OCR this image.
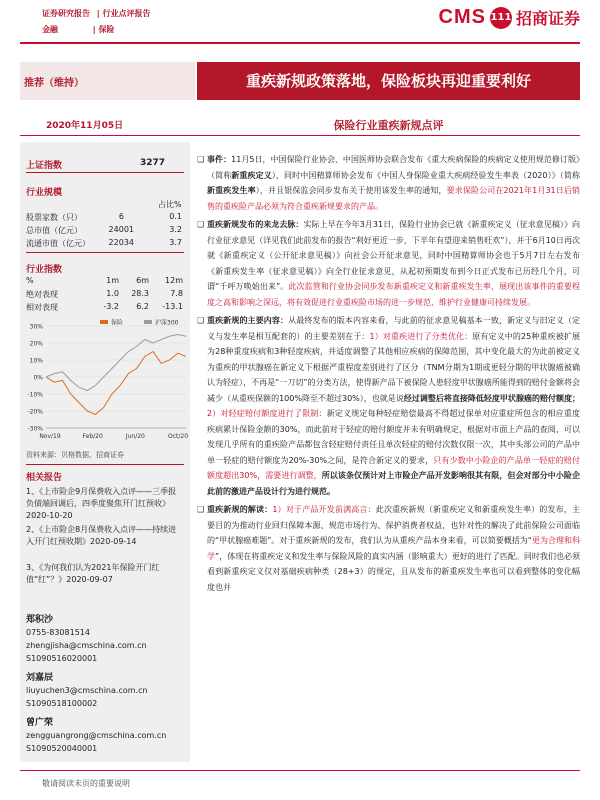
证券研究报告 | 行业点评报告
金融	| 保险
CMS 111 招商证券
推荐（维持）	重疾新规政策落地，保险板块再迎重要利好
2020年11月05日	保险行业重疾新规点评
上证指数	3277
行业规模
占比%
股票家数（只）	6	0.1
总市值（亿元）	24001	3.2
流通市值（亿元）	22034	3.7
行业指数
%	1m	6m	12m
绝对表现	1.0	28.3	7.8
相对表现	-3.2	6.2	-13.1
-30%
-20%
-10%
0%
10%
20%
30%
Nov/19	Feb/20	Jun/20	Oct/20
保险	沪深300
资料来源：贝格数据、招商证券
相关报告
1、《上市险企9月保费收入点评——三季报负债端回调后，四季度聚焦开门红预收》2020-10-20
2、《上市险企8月保费收入点评——持续进入开门红预收期》2020-09-14
3、《为何我们认为2021年保险开门红值“红”？》2020-09-07
郑积沙
0755-83081514
zhengjisha@cmschina.com.cn
S1090516020001
刘嘉辰
liuyuchen3@cmschina.com.cn
S1090518100002
曾广荣
zengguangrong@cmschina.com.cn
S1090520040001
❑ 事件：11月5日，中国保险行业协会、中国医师协会联合发布《重大疾病保险的疾病定义使用规范修订版》（简称新重疾定义），同时中国精算师协会发布《中国人身保险业重大疾病经验发生率表（2020）》（简称新重疾发生率），并且银保监会同步发布关于使用该发生率的通知，要求保险公司在2021年1月31日后销售的重疾险产品必须为符合重疾新规要求的产品。
❑ 重疾新规发布的来龙去脉：实际上早在今年3月31日，保险行业协会已就《新重疾定义（征求意见稿）》向行业征求意见（详见我们此前发布的报告“利好更近一步，下半年有望迎来销售旺欢”），并于6月10日再次就《新重疾定义（公开征求意见稿）》向社会公开征求意见，同时中国精算师协会也于5月7日左右发布《新重疾发生率（征求意见稿）》向全行业征求意见，从起初预期发布到今日正式发布已历经几个月，可谓“千呼万唤始出来”。此次监管和行业协会同步发布新重疾定义和新重疾发生率，展现出该事件的重要程度之高和影响之深远，将有效促进行业重疾险市场的进一步规范，维护行业健康可持续发展。
❑ 重疾新规的主要内容：从最终发布的版本内容来看，与此前的征求意见稿基本一致，新定义与旧定义（定义与发生率是相互配套的）的主要差别在于：1）对重疾进行了分类优化：原有定义中的25种重疾被扩展为28种重度疾病和3种轻度疾病，并适度调整了其他相应疾病的保障范围，其中变化最大的为此前被定义为重疾的甲状腺癌在新定义下根据严重程度差别进行了区分（TNM分期为1期或更轻分期的甲状腺癌被确认为轻症），不再是“一刀切”的分类方法，使得新产品下被保险人患轻度甲状腺癌所能得到的赔付金额将会减少（从重疾保额的100%降至不超过30%），也就是说经过调整后将直接降低轻度甲状腺癌的赔付额度；2）对轻症赔付额度进行了限制：新定义规定每种轻症赔偿最高不得超过保单对应重症所包含的相应重度疾病累计保险金额的30%，而此前对于轻症的赔付额度并未有明确规定，根据对市面上产品的查阅，可以发现几乎所有的重疾险产品都包含轻症赔付责任且单次轻症的赔付次数仅限一次，其中头部公司的产品中单一轻症的赔付额度为20%-30%之间，是符合新定义的要求，只有少数中小险企的产品单一轻症的赔付额度超出30%，需要进行调整，所以该条仅预计对上市险企产品开发影响很其有限，但会对部分中小险企此前的激进产品设计行为进行规范。
❑ 重疾新规的解读：1）对于产品开发前满高言：此次重疾新规（新重疾定义和新重疾发生率）的发布，主要目的为推动行业回归保障本源、规范市场行为、保护消费者权益，也针对性的解决了此前保险公司面临的“甲状腺癌难题”。对于重疾新规的发布，我们认为从重疾产品本身来看，可以简要概括为“更为合理和科学”，体现在将重疾定义和发生率与保险风险的真实内涵（影响重大）更好的进行了匹配。同时我们也必须看到新重疾定义仅对基础疾病种类（28+3）的规定，且从发布的新重疾发生率也可以看到整体的变化幅度也并
敬请阅读末页的重要说明
